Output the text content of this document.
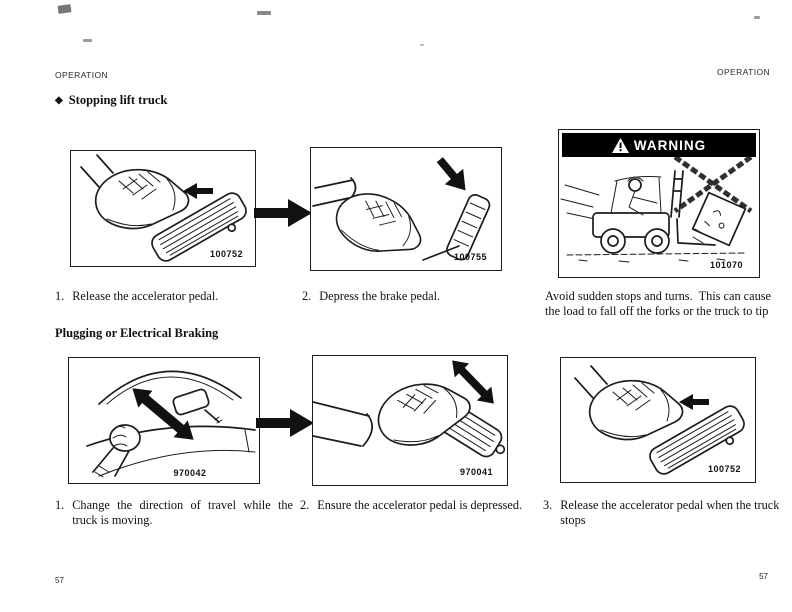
OPERATION	OPERATION
◆ Stopping lift truck
100752	100755
WARNING
101070
1. Release the accelerator pedal.	2. Depress the brake pedal.	Avoid sudden stops and turns.  This can cause the load to fall off the forks or the truck to tip
Plugging or Electrical Braking
970042	970041	100752
1. Change the direction of travel while the truck is moving.
2. Ensure the accelerator pedal is depressed.	3. Release the accelerator pedal when the truck stops
57	57
